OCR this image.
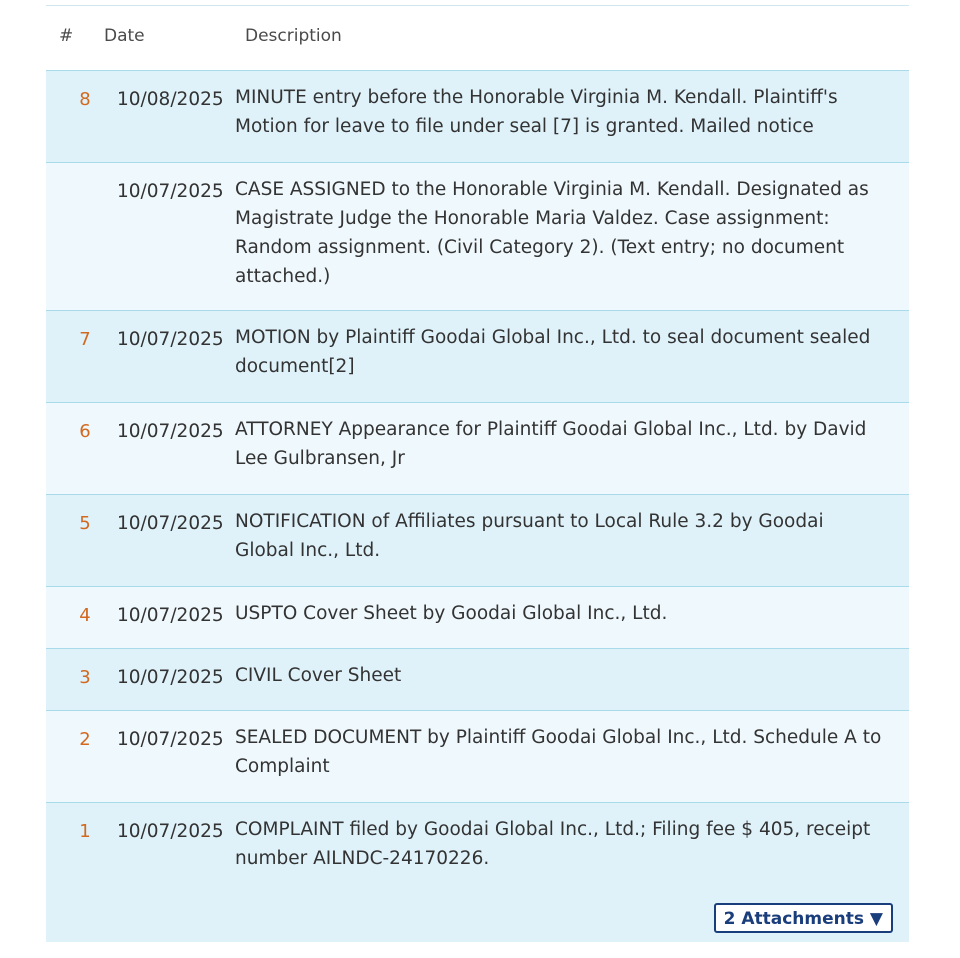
# Date	Description
8	10/08/2025 MINUTE entry before the Honorable Virginia M. Kendall. Plaintiff's Motion for leave to file under seal [7] is granted. Mailed notice
10/07/2025 CASE ASSIGNED to the Honorable Virginia M. Kendall. Designated as Magistrate Judge the Honorable Maria Valdez. Case assignment: Random assignment. (Civil Category 2). (Text entry; no document attached.)
7	10/07/2025 MOTION by Plaintiff Goodai Global Inc., Ltd. to seal document sealed document[2]
6	10/07/2025 ATTORNEY Appearance for Plaintiff Goodai Global Inc., Ltd. by David Lee Gulbransen, Jr
5	10/07/2025 NOTIFICATION of Affiliates pursuant to Local Rule 3.2 by Goodai Global Inc., Ltd.
4	10/07/2025 USPTO Cover Sheet by Goodai Global Inc., Ltd.
3	10/07/2025 CIVIL Cover Sheet
2	10/07/2025 SEALED DOCUMENT by Plaintiff Goodai Global Inc., Ltd. Schedule A to Complaint
1	10/07/2025 COMPLAINT filed by Goodai Global Inc., Ltd.; Filing fee $ 405, receipt number AILNDC-24170226.
2 Attachments ▼
